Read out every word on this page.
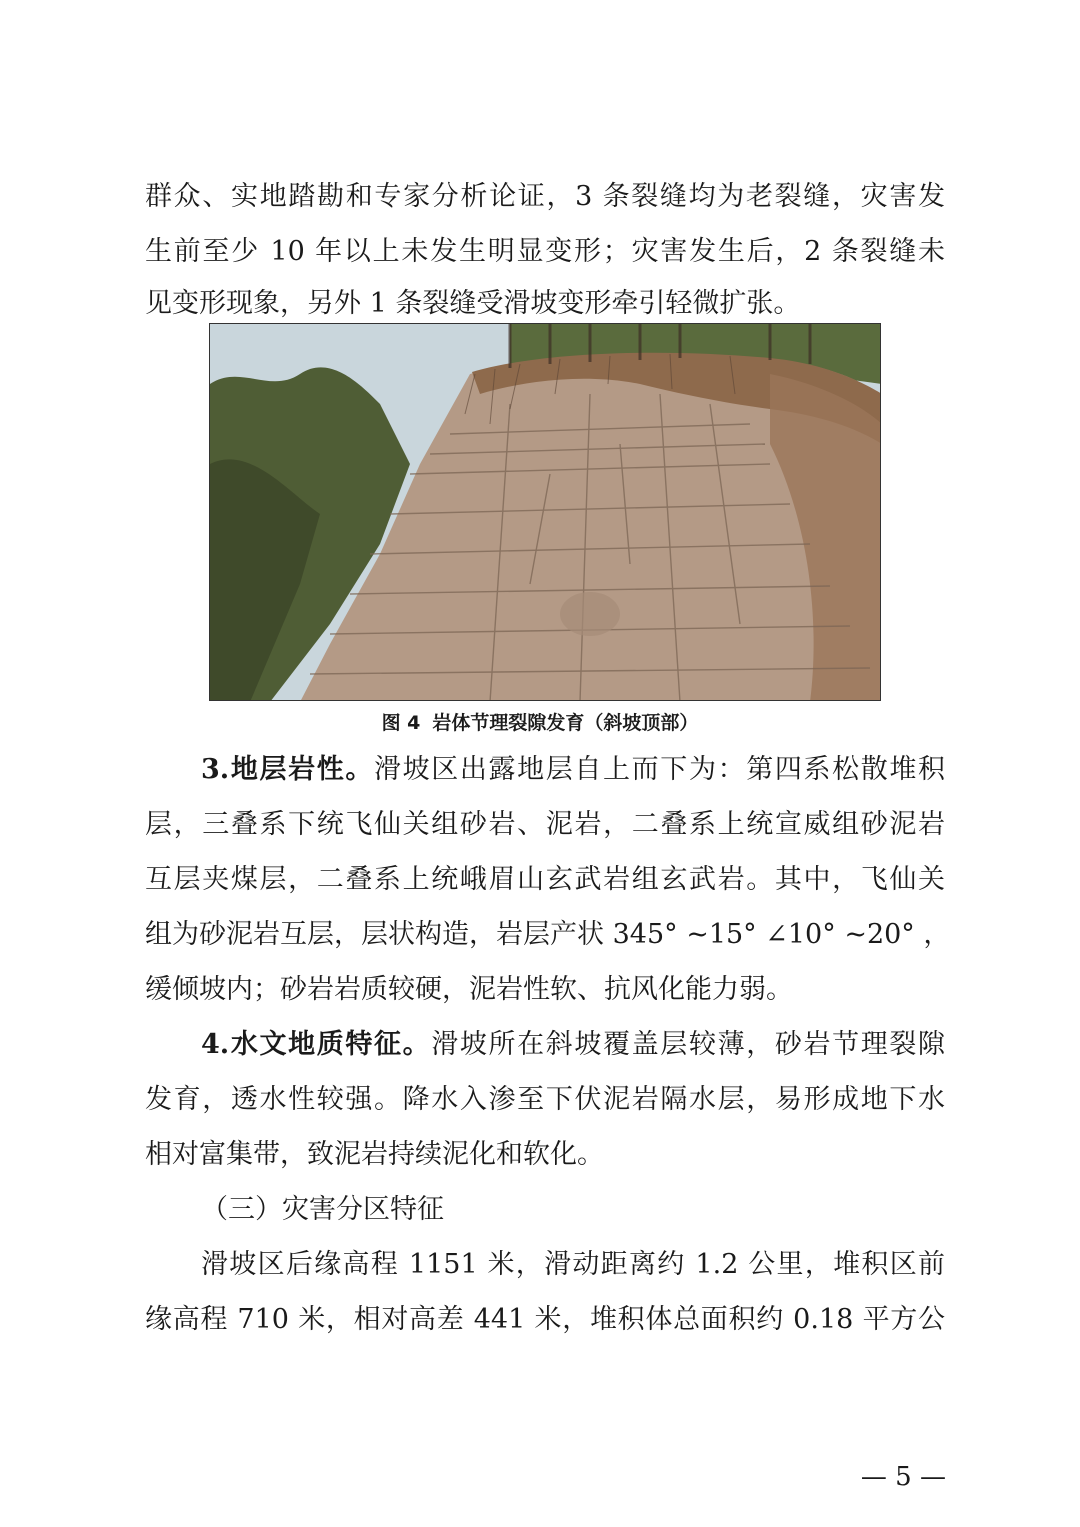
群众、实地踏勘和专家分析论证，3 条裂缝均为老裂缝，灾害发
生前至少 10 年以上未发生明显变形；灾害发生后，2 条裂缝未
见变形现象，另外 1 条裂缝受滑坡变形牵引轻微扩张。
图 4 岩体节理裂隙发育（斜坡顶部）
3.地层岩性。滑坡区出露地层自上而下为：第四系松散堆积
层，三叠系下统飞仙关组砂岩、泥岩，二叠系上统宣威组砂泥岩
互层夹煤层，二叠系上统峨眉山玄武岩组玄武岩。其中，飞仙关
组为砂泥岩互层，层状构造，岩层产状 345° ~15° ∠10° ~20° ，
缓倾坡内；砂岩岩质较硬，泥岩性软、抗风化能力弱。
4.水文地质特征。滑坡所在斜坡覆盖层较薄，砂岩节理裂隙
发育，透水性较强。降水入渗至下伏泥岩隔水层，易形成地下水
相对富集带，致泥岩持续泥化和软化。
（三）灾害分区特征
滑坡区后缘高程 1151 米，滑动距离约 1.2 公里，堆积区前
缘高程 710 米，相对高差 441 米，堆积体总面积约 0.18 平方公
— 5 —
